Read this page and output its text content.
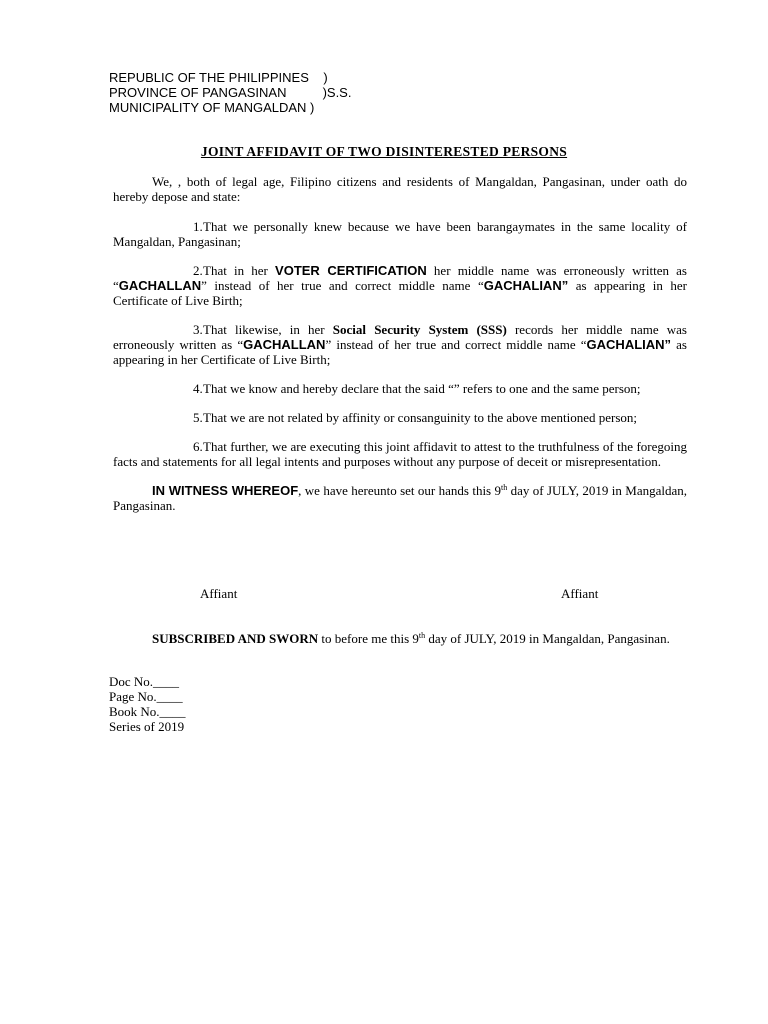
REPUBLIC OF THE PHILIPPINES    )
PROVINCE OF PANGASINAN          )S.S.
MUNICIPALITY OF MANGALDAN )
JOINT AFFIDAVIT OF TWO DISINTERESTED PERSONS

We, , both of legal age, Filipino citizens and residents of Mangaldan, Pangasinan, under oath do hereby depose and state:

1.That we personally knew because we have been barangaymates in the same locality of Mangaldan, Pangasinan;

2.That in her VOTER CERTIFICATION her middle name was erroneously written as “GACHALLAN” instead of her true and correct middle name “GACHALIAN” as appearing in her Certificate of Live Birth;

3.That likewise, in her Social Security System (SSS) records her middle name was erroneously written as “GACHALLAN” instead of her true and correct middle name “GACHALIAN” as appearing in her Certificate of Live Birth;

4.That we know and hereby declare that the said “” refers to one and the same person;

5.That we are not related by affinity or consanguinity to the above mentioned person;

6.That further, we are executing this joint affidavit to attest to the truthfulness of the foregoing facts and statements for all legal intents and purposes without any purpose of deceit or misrepresentation.

IN WITNESS WHEREOF, we have hereunto set our hands this 9th day of JULY, 2019 in Mangaldan, Pangasinan.

Affiant	Affiant

SUBSCRIBED AND SWORN to before me this 9th day of JULY, 2019 in Mangaldan, Pangasinan.

Doc No.____
Page No.____
Book No.____
Series of 2019
